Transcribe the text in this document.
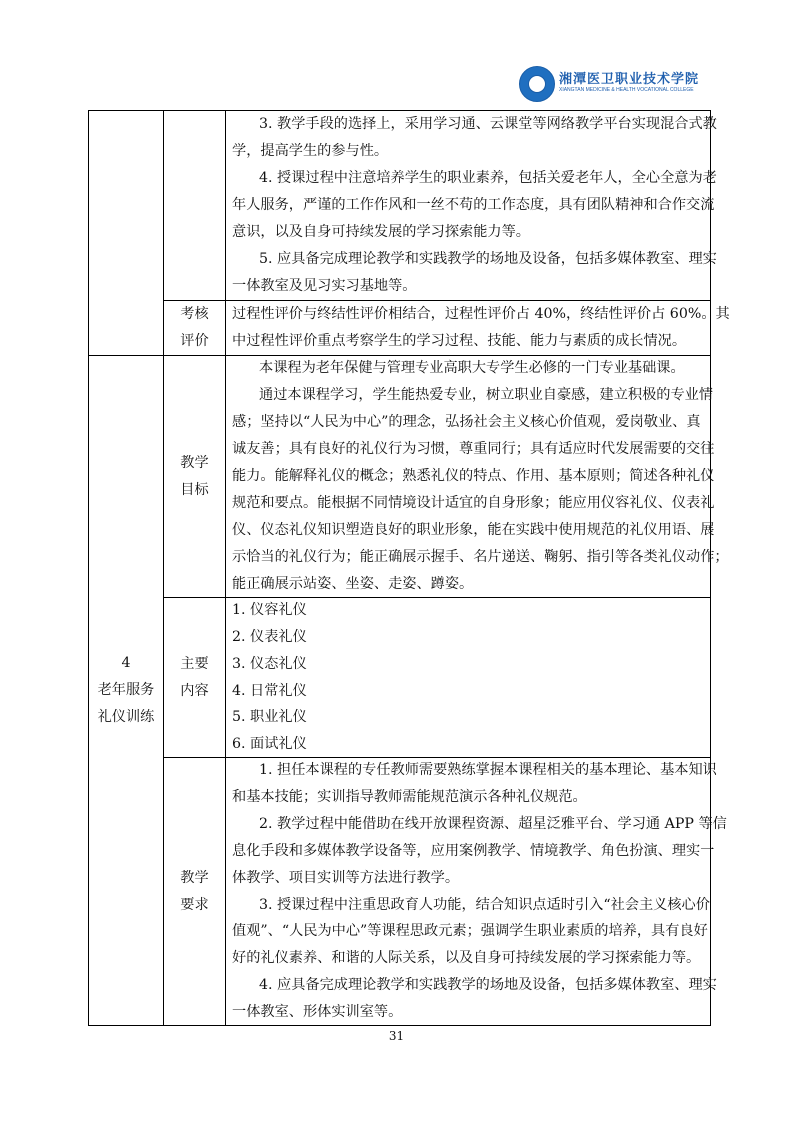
湘潭医卫职业技术学院
XIANGTAN MEDICINE & HEALTH VOCATIONAL COLLEGE
3. 教学手段的选择上，采用学习通、云课堂等网络教学平台实现混合式教
学，提高学生的参与性。
4. 授课过程中注意培养学生的职业素养，包括关爱老年人，全心全意为老
年人服务，严谨的工作作风和一丝不苟的工作态度，具有团队精神和合作交流
意识，以及自身可持续发展的学习探索能力等。
5. 应具备完成理论教学和实践教学的场地及设备，包括多媒体教室、理实
一体教室及见习实习基地等。
考核
评价
过程性评价与终结性评价相结合，过程性评价占 40%，终结性评价占 60%。其
中过程性评价重点考察学生的学习过程、技能、能力与素质的成长情况。
4
老年服务
礼仪训练
教学
目标
本课程为老年保健与管理专业高职大专学生必修的一门专业基础课。
通过本课程学习，学生能热爱专业，树立职业自豪感，建立积极的专业情
感；坚持以“人民为中心”的理念，弘扬社会主义核心价值观，爱岗敬业、真
诚友善；具有良好的礼仪行为习惯，尊重同行；具有适应时代发展需要的交往
能力。能解释礼仪的概念；熟悉礼仪的特点、作用、基本原则；简述各种礼仪
规范和要点。能根据不同情境设计适宜的自身形象；能应用仪容礼仪、仪表礼
仪、仪态礼仪知识塑造良好的职业形象，能在实践中使用规范的礼仪用语、展
示恰当的礼仪行为；能正确展示握手、名片递送、鞠躬、指引等各类礼仪动作；
能正确展示站姿、坐姿、走姿、蹲姿。
主要
内容
1. 仪容礼仪
2. 仪表礼仪
3. 仪态礼仪
4. 日常礼仪
5. 职业礼仪
6. 面试礼仪
教学
要求
1. 担任本课程的专任教师需要熟练掌握本课程相关的基本理论、基本知识
和基本技能；实训指导教师需能规范演示各种礼仪规范。
2. 教学过程中能借助在线开放课程资源、超星泛雅平台、学习通 APP 等信
息化手段和多媒体教学设备等，应用案例教学、情境教学、角色扮演、理实一
体教学、项目实训等方法进行教学。
3. 授课过程中注重思政育人功能，结合知识点适时引入“社会主义核心价
值观”、“人民为中心”等课程思政元素；强调学生职业素质的培养，具有良好
好的礼仪素养、和谐的人际关系，以及自身可持续发展的学习探索能力等。
4. 应具备完成理论教学和实践教学的场地及设备，包括多媒体教室、理实
一体教室、形体实训室等。
31
